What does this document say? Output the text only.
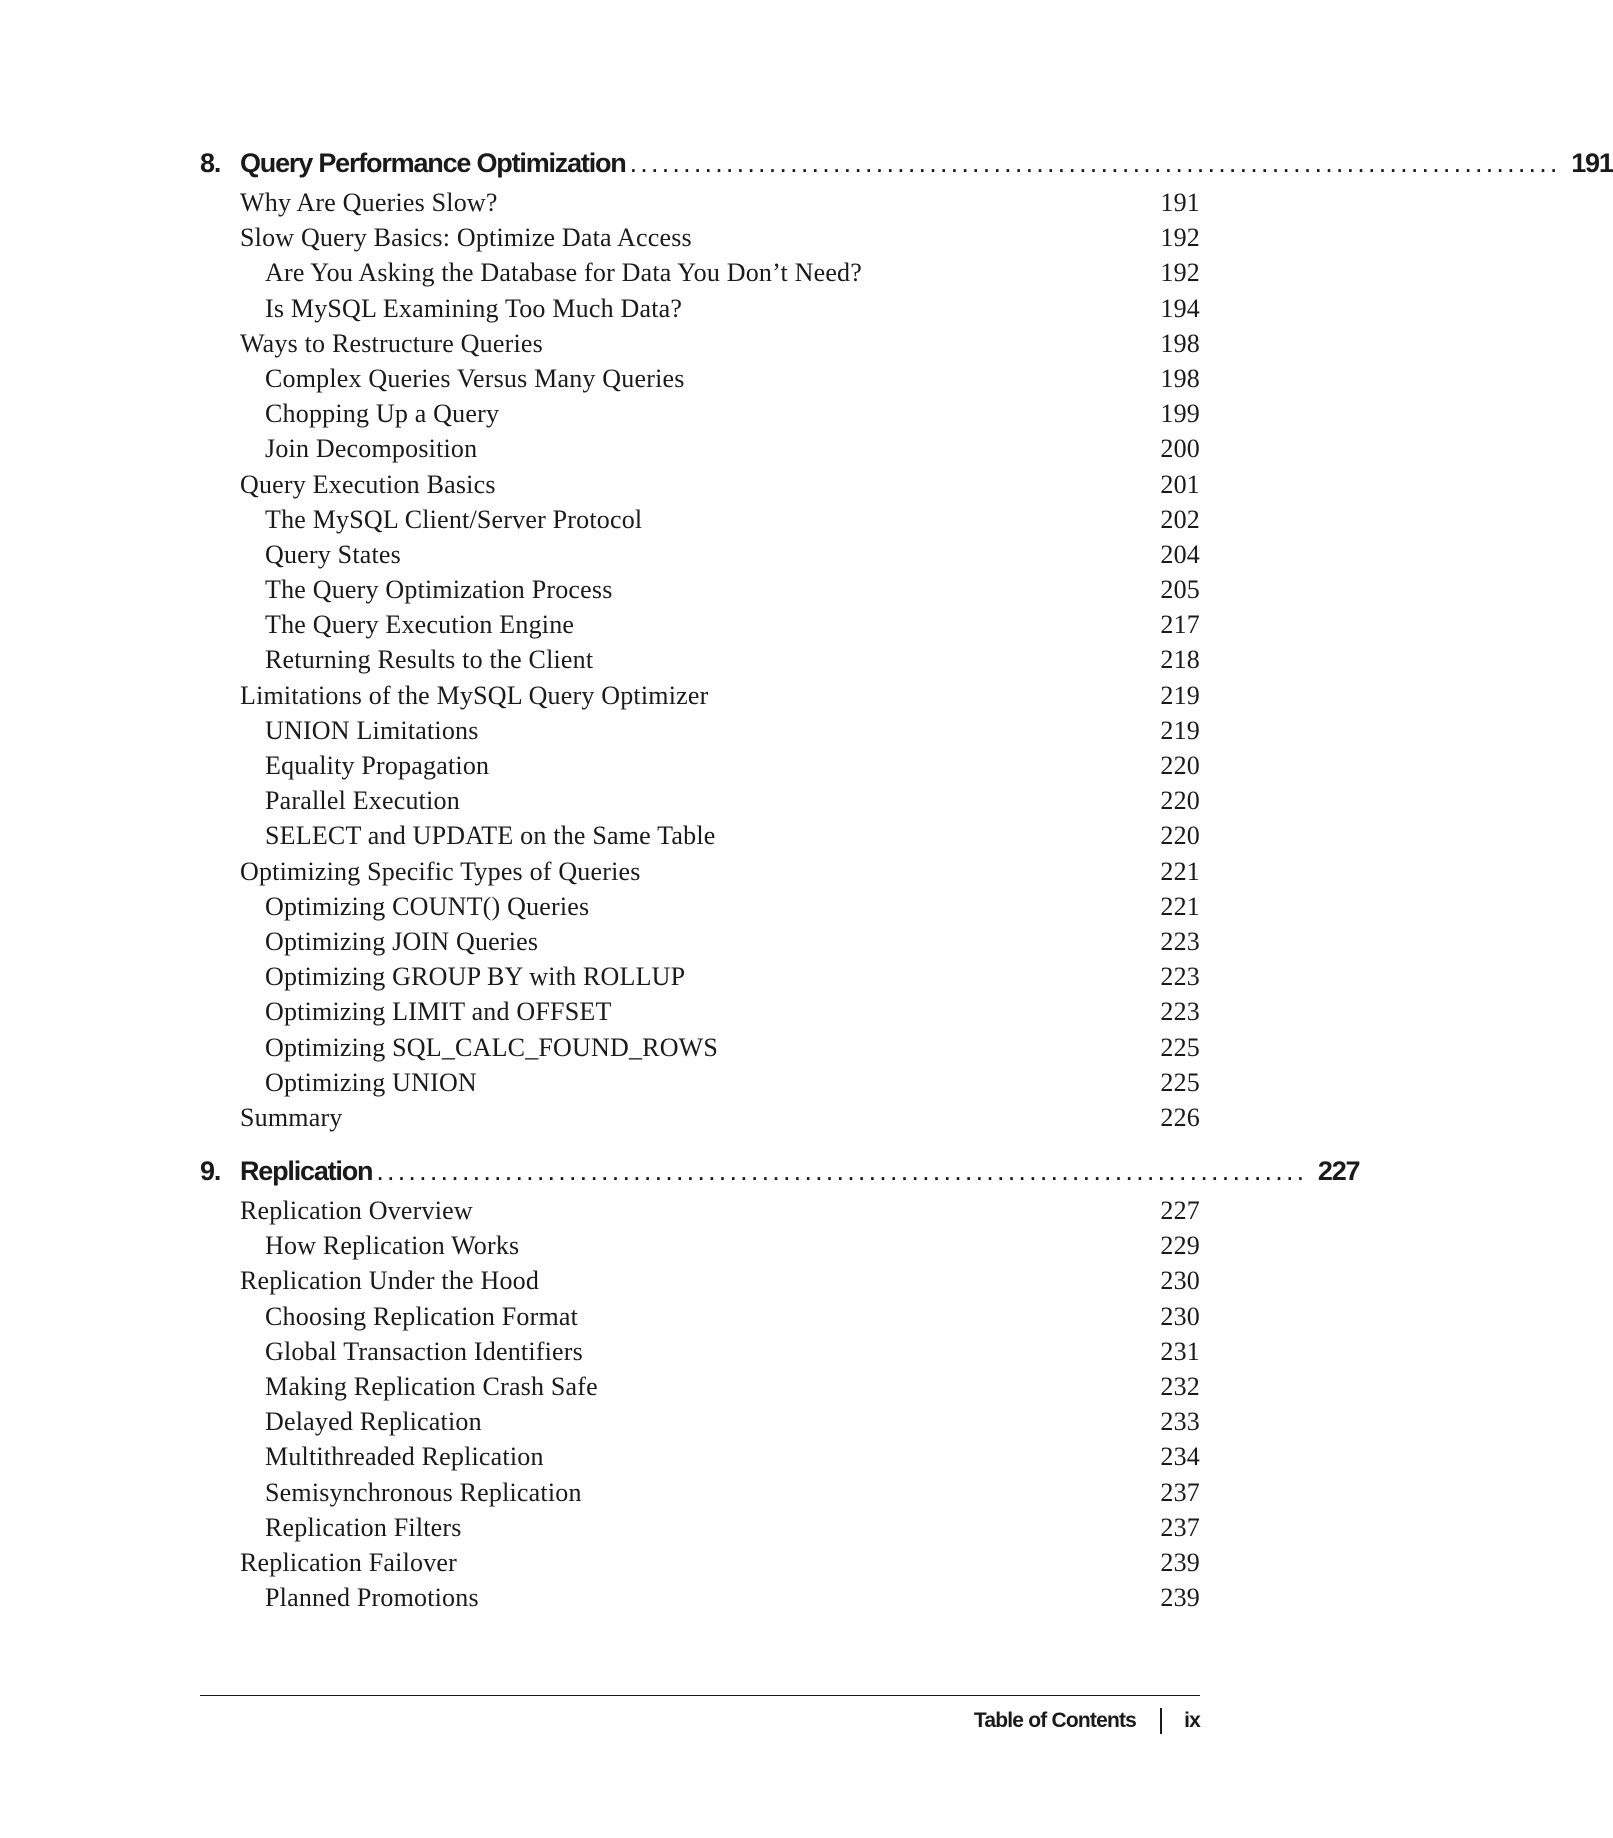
8. Query Performance Optimization ....................................................................................... 191
Why Are Queries Slow?	191
Slow Query Basics: Optimize Data Access	192
Are You Asking the Database for Data You Don’t Need?	192
Is MySQL Examining Too Much Data?	194
Ways to Restructure Queries	198
Complex Queries Versus Many Queries	198
Chopping Up a Query	199
Join Decomposition	200
Query Execution Basics	201
The MySQL Client/Server Protocol	202
Query States	204
The Query Optimization Process	205
The Query Execution Engine	217
Returning Results to the Client	218
Limitations of the MySQL Query Optimizer	219
UNION Limitations	219
Equality Propagation	220
Parallel Execution	220
SELECT and UPDATE on the Same Table	220
Optimizing Specific Types of Queries	221
Optimizing COUNT() Queries	221
Optimizing JOIN Queries	223
Optimizing GROUP BY with ROLLUP	223
Optimizing LIMIT and OFFSET	223
Optimizing SQL_CALC_FOUND_ROWS	225
Optimizing UNION	225
Summary	226
9. Replication ....................................................................................... 227
Replication Overview	227
How Replication Works	229
Replication Under the Hood	230
Choosing Replication Format	230
Global Transaction Identifiers	231
Making Replication Crash Safe	232
Delayed Replication	233
Multithreaded Replication	234
Semisynchronous Replication	237
Replication Filters	237
Replication Failover	239
Planned Promotions	239
Table of Contents ix
